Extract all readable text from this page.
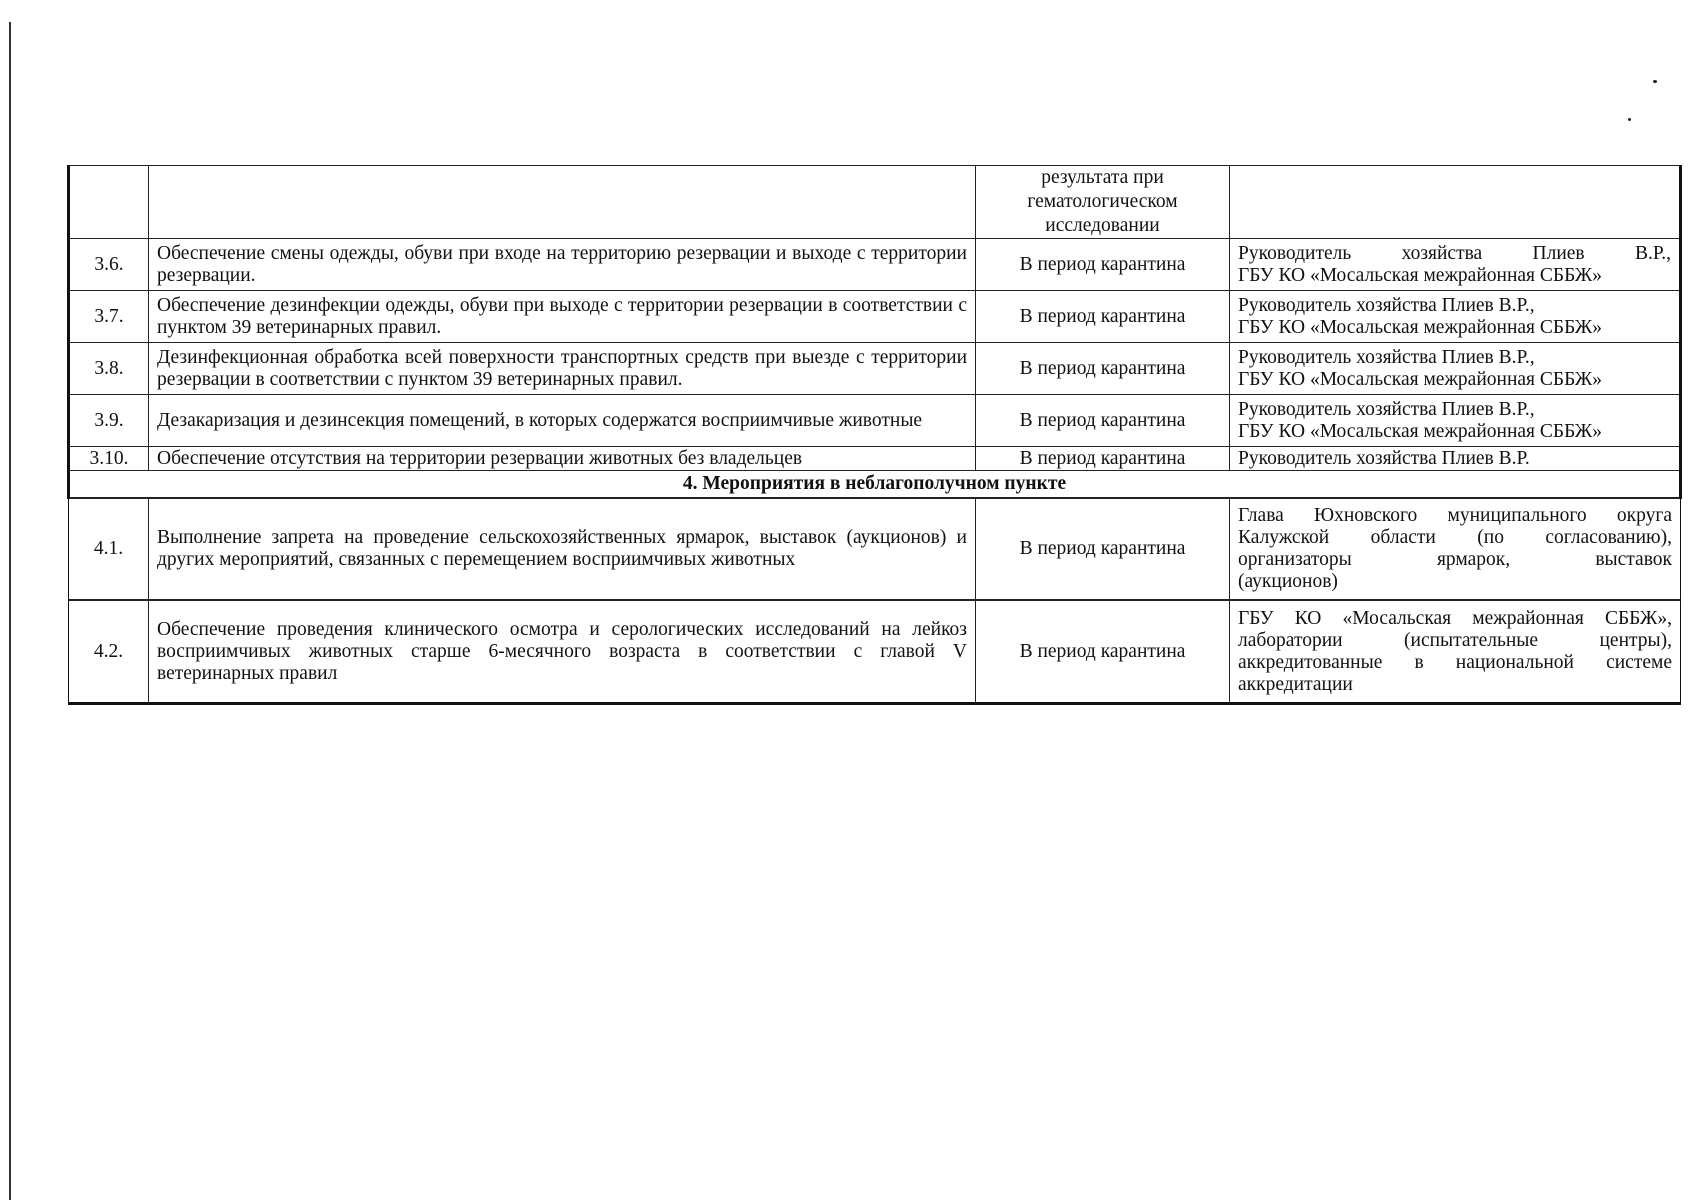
		результата при гематологическом исследовании	
3.6.	Обеспечение смены одежды, обуви при входе на территорию резервации и выходе с территории резервации.	В период карантина	Руководитель хозяйства Плиев В.Р.,
ГБУ КО «Мосальская межрайонная СББЖ»

3.7.	Обеспечение дезинфекции одежды, обуви при выходе с территории резервации в соответствии с пунктом 39 ветеринарных правил.	В период карантина	Руководитель хозяйства Плиев В.Р.,
ГБУ КО «Мосальская межрайонная СББЖ»

3.8.	Дезинфекционная обработка всей поверхности транспортных средств при выезде с территории резервации в соответствии с пунктом 39 ветеринарных правил.	В период карантина	Руководитель хозяйства Плиев В.Р.,
ГБУ КО «Мосальская межрайонная СББЖ»

3.9.	Дезакаризация и дезинсекция помещений, в которых содержатся восприимчивые животные	В период карантина	Руководитель хозяйства Плиев В.Р.,
ГБУ КО «Мосальская межрайонная СББЖ»

3.10.	Обеспечение отсутствия на территории резервации животных без владельцев	В период карантина	Руководитель хозяйства Плиев В.Р.

4. Мероприятия в неблагополучном пункте			
4.1.	Выполнение запрета на проведение сельскохозяйственных ярмарок, выставок (аукционов) и других мероприятий, связанных с перемещением восприимчивых животных	В период карантина	Глава Юхновского муниципального округа
Калужской области (по согласованию),
организаторы ярмарок, выставок
(аукционов)

4.2.	Обеспечение проведения клинического осмотра и серологических исследований на лейкоз восприимчивых животных старше 6-месячного возраста в соответствии с главой V ветеринарных правил	В период карантина	ГБУ КО «Мосальская межрайонная СББЖ»,
лаборатории (испытательные центры),
аккредитованные в национальной системе
аккредитации
